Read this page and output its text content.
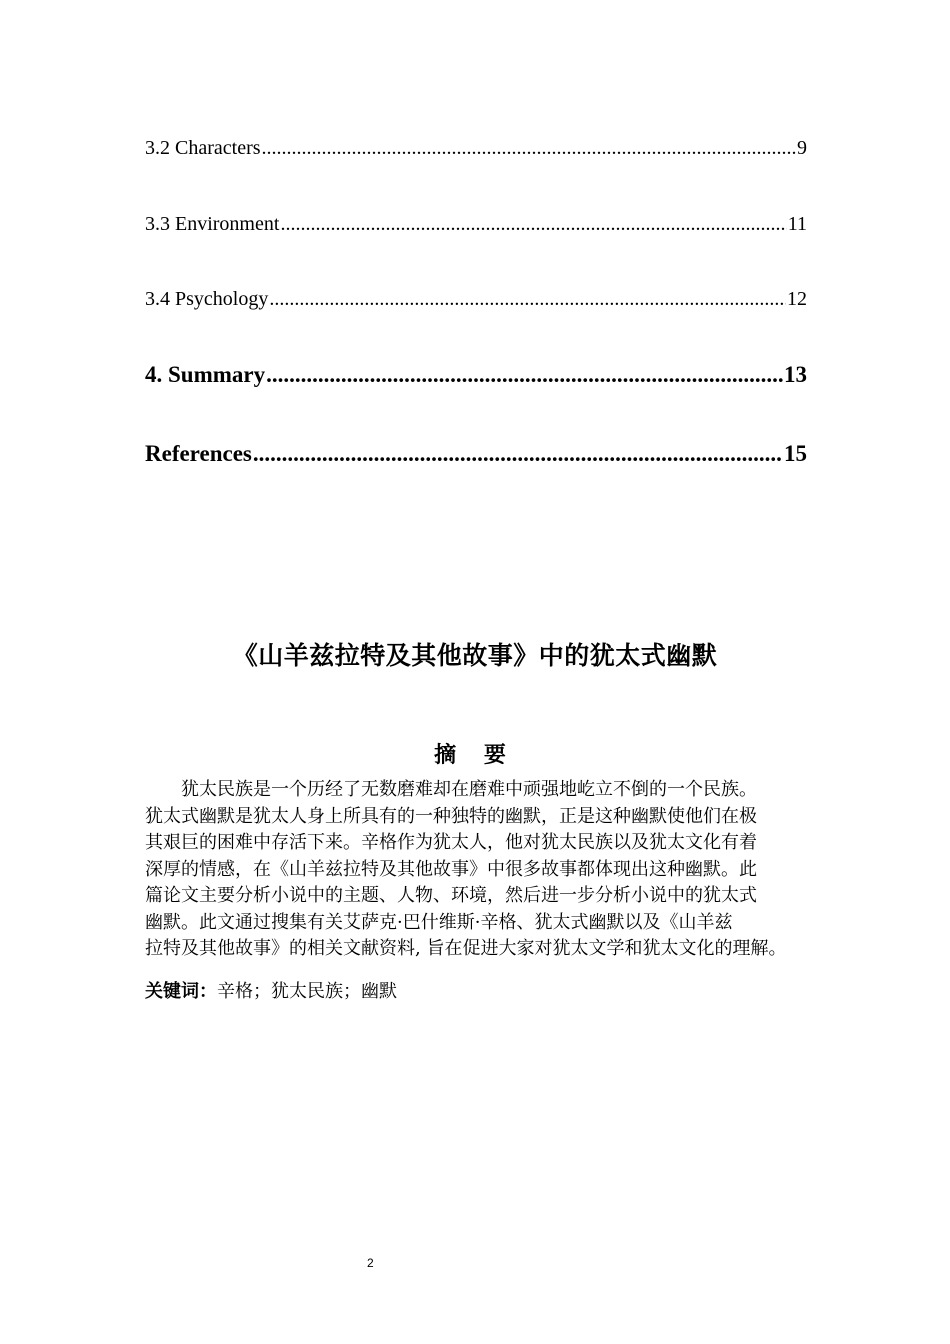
3.2 Characters .....	9
3.3 Environment .....	11
3.4 Psychology .....	12
4. Summary .....	13
References .....	15
《山羊兹拉特及其他故事》中的犹太式幽默
摘 要
犹太民族是一个历经了无数磨难却在磨难中顽强地屹立不倒的一个民族。
犹太式幽默是犹太人身上所具有的一种独特的幽默，正是这种幽默使他们在极
其艰巨的困难中存活下来。辛格作为犹太人，他对犹太民族以及犹太文化有着
深厚的情感，在《山羊兹拉特及其他故事》中很多故事都体现出这种幽默。此
篇论文主要分析小说中的主题、人物、环境，然后进一步分析小说中的犹太式
幽默。此文通过搜集有关艾萨克·巴什维斯·辛格、犹太式幽默以及《山羊兹
拉特及其他故事》的相关文献资料, 旨在促进大家对犹太文学和犹太文化的理解。
关键词：辛格；犹太民族；幽默
2
